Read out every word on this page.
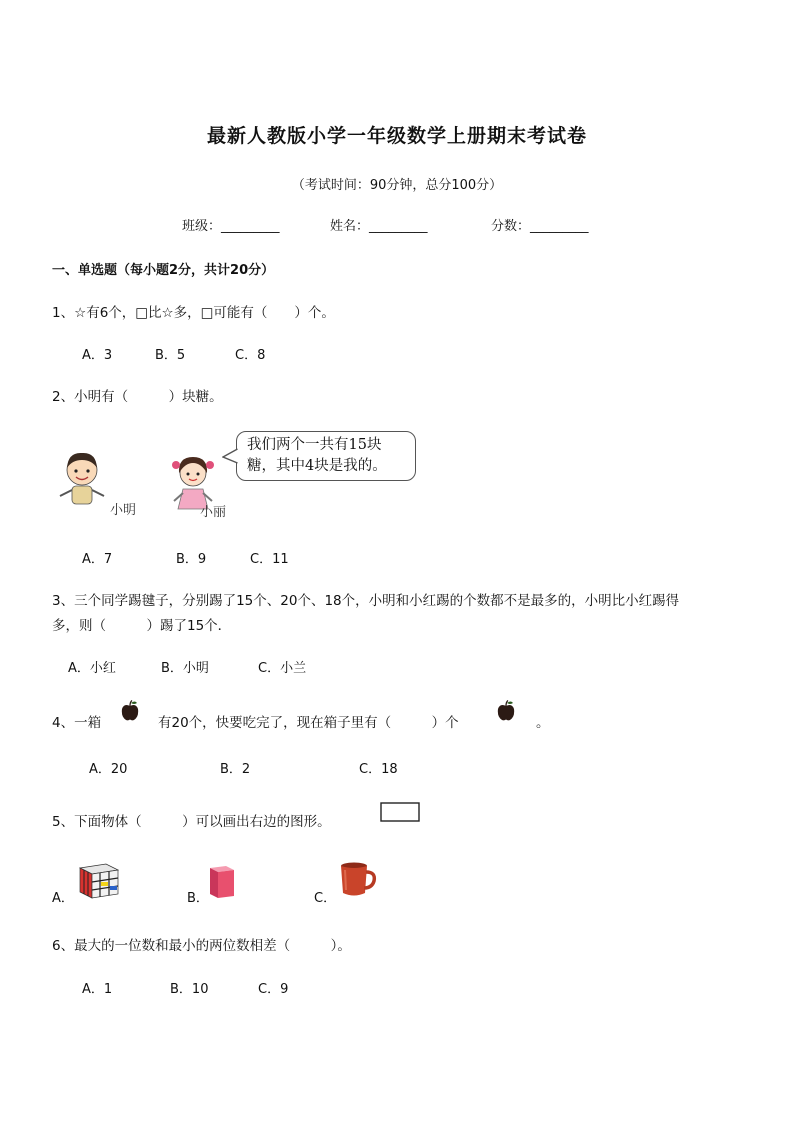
最新人教版小学一年级数学上册期末考试卷
（考试时间：90分钟，总分100分）
班级：_________	姓名：_________	分数：_________
一、单选题（每小题2分，共计20分）
1、☆有6个，□比☆多，□可能有（　　）个。
A．3	B．5	C．8
2、小明有（　　　）块糖。
小明	小丽
我们两个一共有15块
糖，其中4块是我的。
A．7	B．9	C．11
3、三个同学踢毽子，分别踢了15个、20个、18个，小明和小红踢的个数都不是最多的，小明比小红踢得
多，则（　　　）踢了15个．
A．小红	B．小明	C．小兰
4、一箱	有20个，快要吃完了，现在箱子里有（　　　）个	。
A．20	B．2	C．18
5、下面物体（　　　）可以画出右边的图形。
A．	B．	C．
6、最大的一位数和最小的两位数相差（　　　）。
A．1	B．10	C．9
